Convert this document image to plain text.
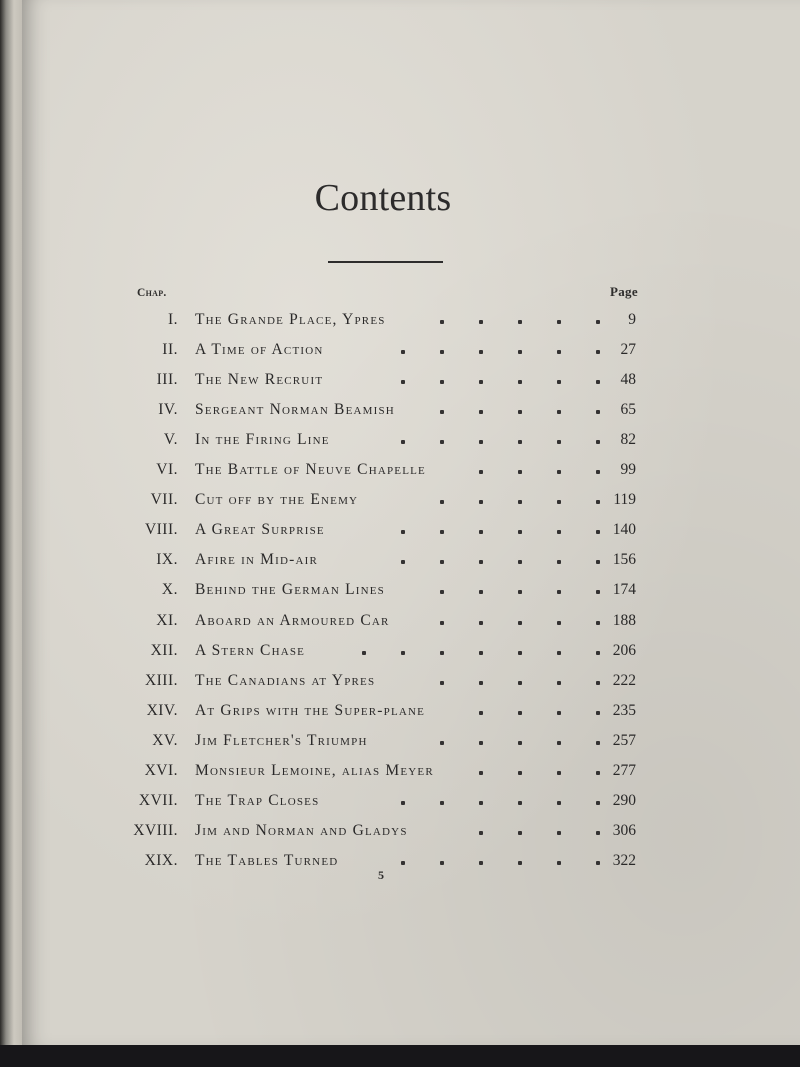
Contents
Chap.	Page
I. The Grande Place, Ypres	9
II. A Time of Action	27
III. The New Recruit	48
IV. Sergeant Norman Beamish	65
V. In the Firing Line	82
VI. The Battle of Neuve Chapelle	99
VII. Cut off by the Enemy	119
VIII. A Great Surprise	140
IX. Afire in Mid-air	156
X. Behind the German Lines	174
XI. Aboard an Armoured Car	188
XII. A Stern Chase	206
XIII. The Canadians at Ypres	222
XIV. At Grips with the Super-plane	235
XV. Jim Fletcher's Triumph	257
XVI. Monsieur Lemoine, alias Meyer	277
XVII. The Trap Closes	290
XVIII. Jim and Norman and Gladys	306
XIX. The Tables Turned	322
5
